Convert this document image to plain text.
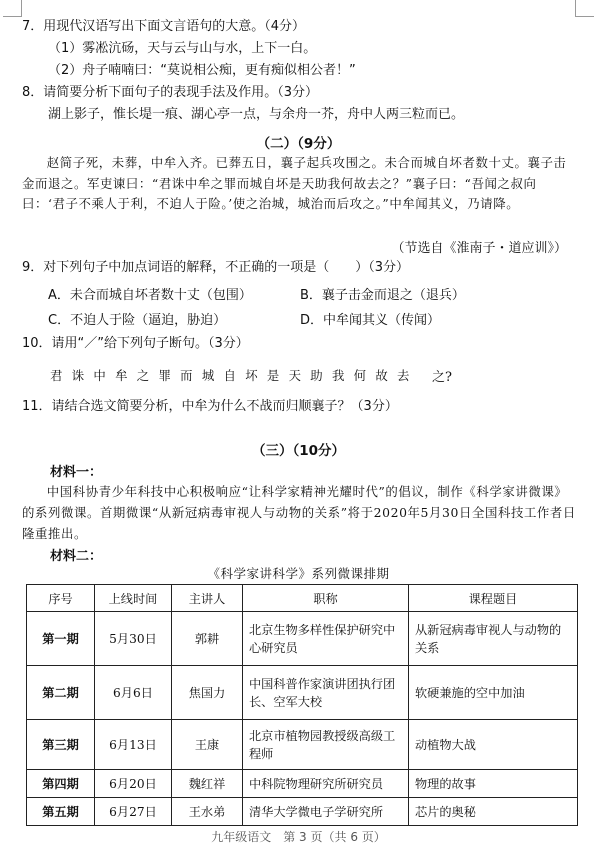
7．用现代汉语写出下面文言语句的大意。（4分）
（1）雾凇沆砀，天与云与山与水，上下一白。
（2）舟子喃喃曰：“莫说相公痴，更有痴似相公者！”
8．请简要分析下面句子的表现手法及作用。（3分）
湖上影子，惟长堤一痕、湖心亭一点，与余舟一芥，舟中人两三粒而已。
（二）（9分）
赵简子死，未葬，中牟入齐。已葬五日，襄子起兵攻围之。未合而城自坏者数十丈。襄子击金而退之。军吏谏曰：“君诛中牟之罪而城自坏是天助我何故去之？”襄子曰：“吾闻之叔向曰：‘君子不乘人于利，不迫人于险。’使之治城，城治而后攻之。”中牟闻其义，乃请降。
（节选自《淮南子・道应训》）
9．对下列句子中加点词语的解释，不正确的一项是（　　）（3分）
A．未合而城自坏者数十丈（包围）	B．襄子击金而退之（退兵）
C．不迫人于险（逼迫，胁迫）	D．中牟闻其义（传闻）
10．请用“／”给下列句子断句。（3分）
君诛中牟之罪而城自坏是天助我何故去 之?
11．请结合选文简要分析，中牟为什么不战而归顺襄子？（3分）
（三）（10分）
材料一：
中国科协青少年科技中心积极响应“让科学家精神光耀时代”的倡议，制作《科学家讲微课》的系列微课。首期微课“从新冠病毒审视人与动物的关系”将于2020年5月30日全国科技工作者日隆重推出。
材料二：
《科学家讲科学》系列微课排期
序号	上线时间	主讲人	职称	课程题目
第一期	5月30日	郭耕	北京生物多样性保护研究中心研究员	从新冠病毒审视人与动物的关系
第二期	6月6日	焦国力	中国科普作家演讲团执行团长、空军大校	软硬兼施的空中加油
第三期	6月13日	王康	北京市植物园教授级高级工程师	动植物大战
第四期	6月20日	魏红祥	中科院物理研究所研究员	物理的故事
第五期	6月27日	王水弟	清华大学微电子学研究所	芯片的奥秘
九年级语文　第 3 页（共 6 页）
